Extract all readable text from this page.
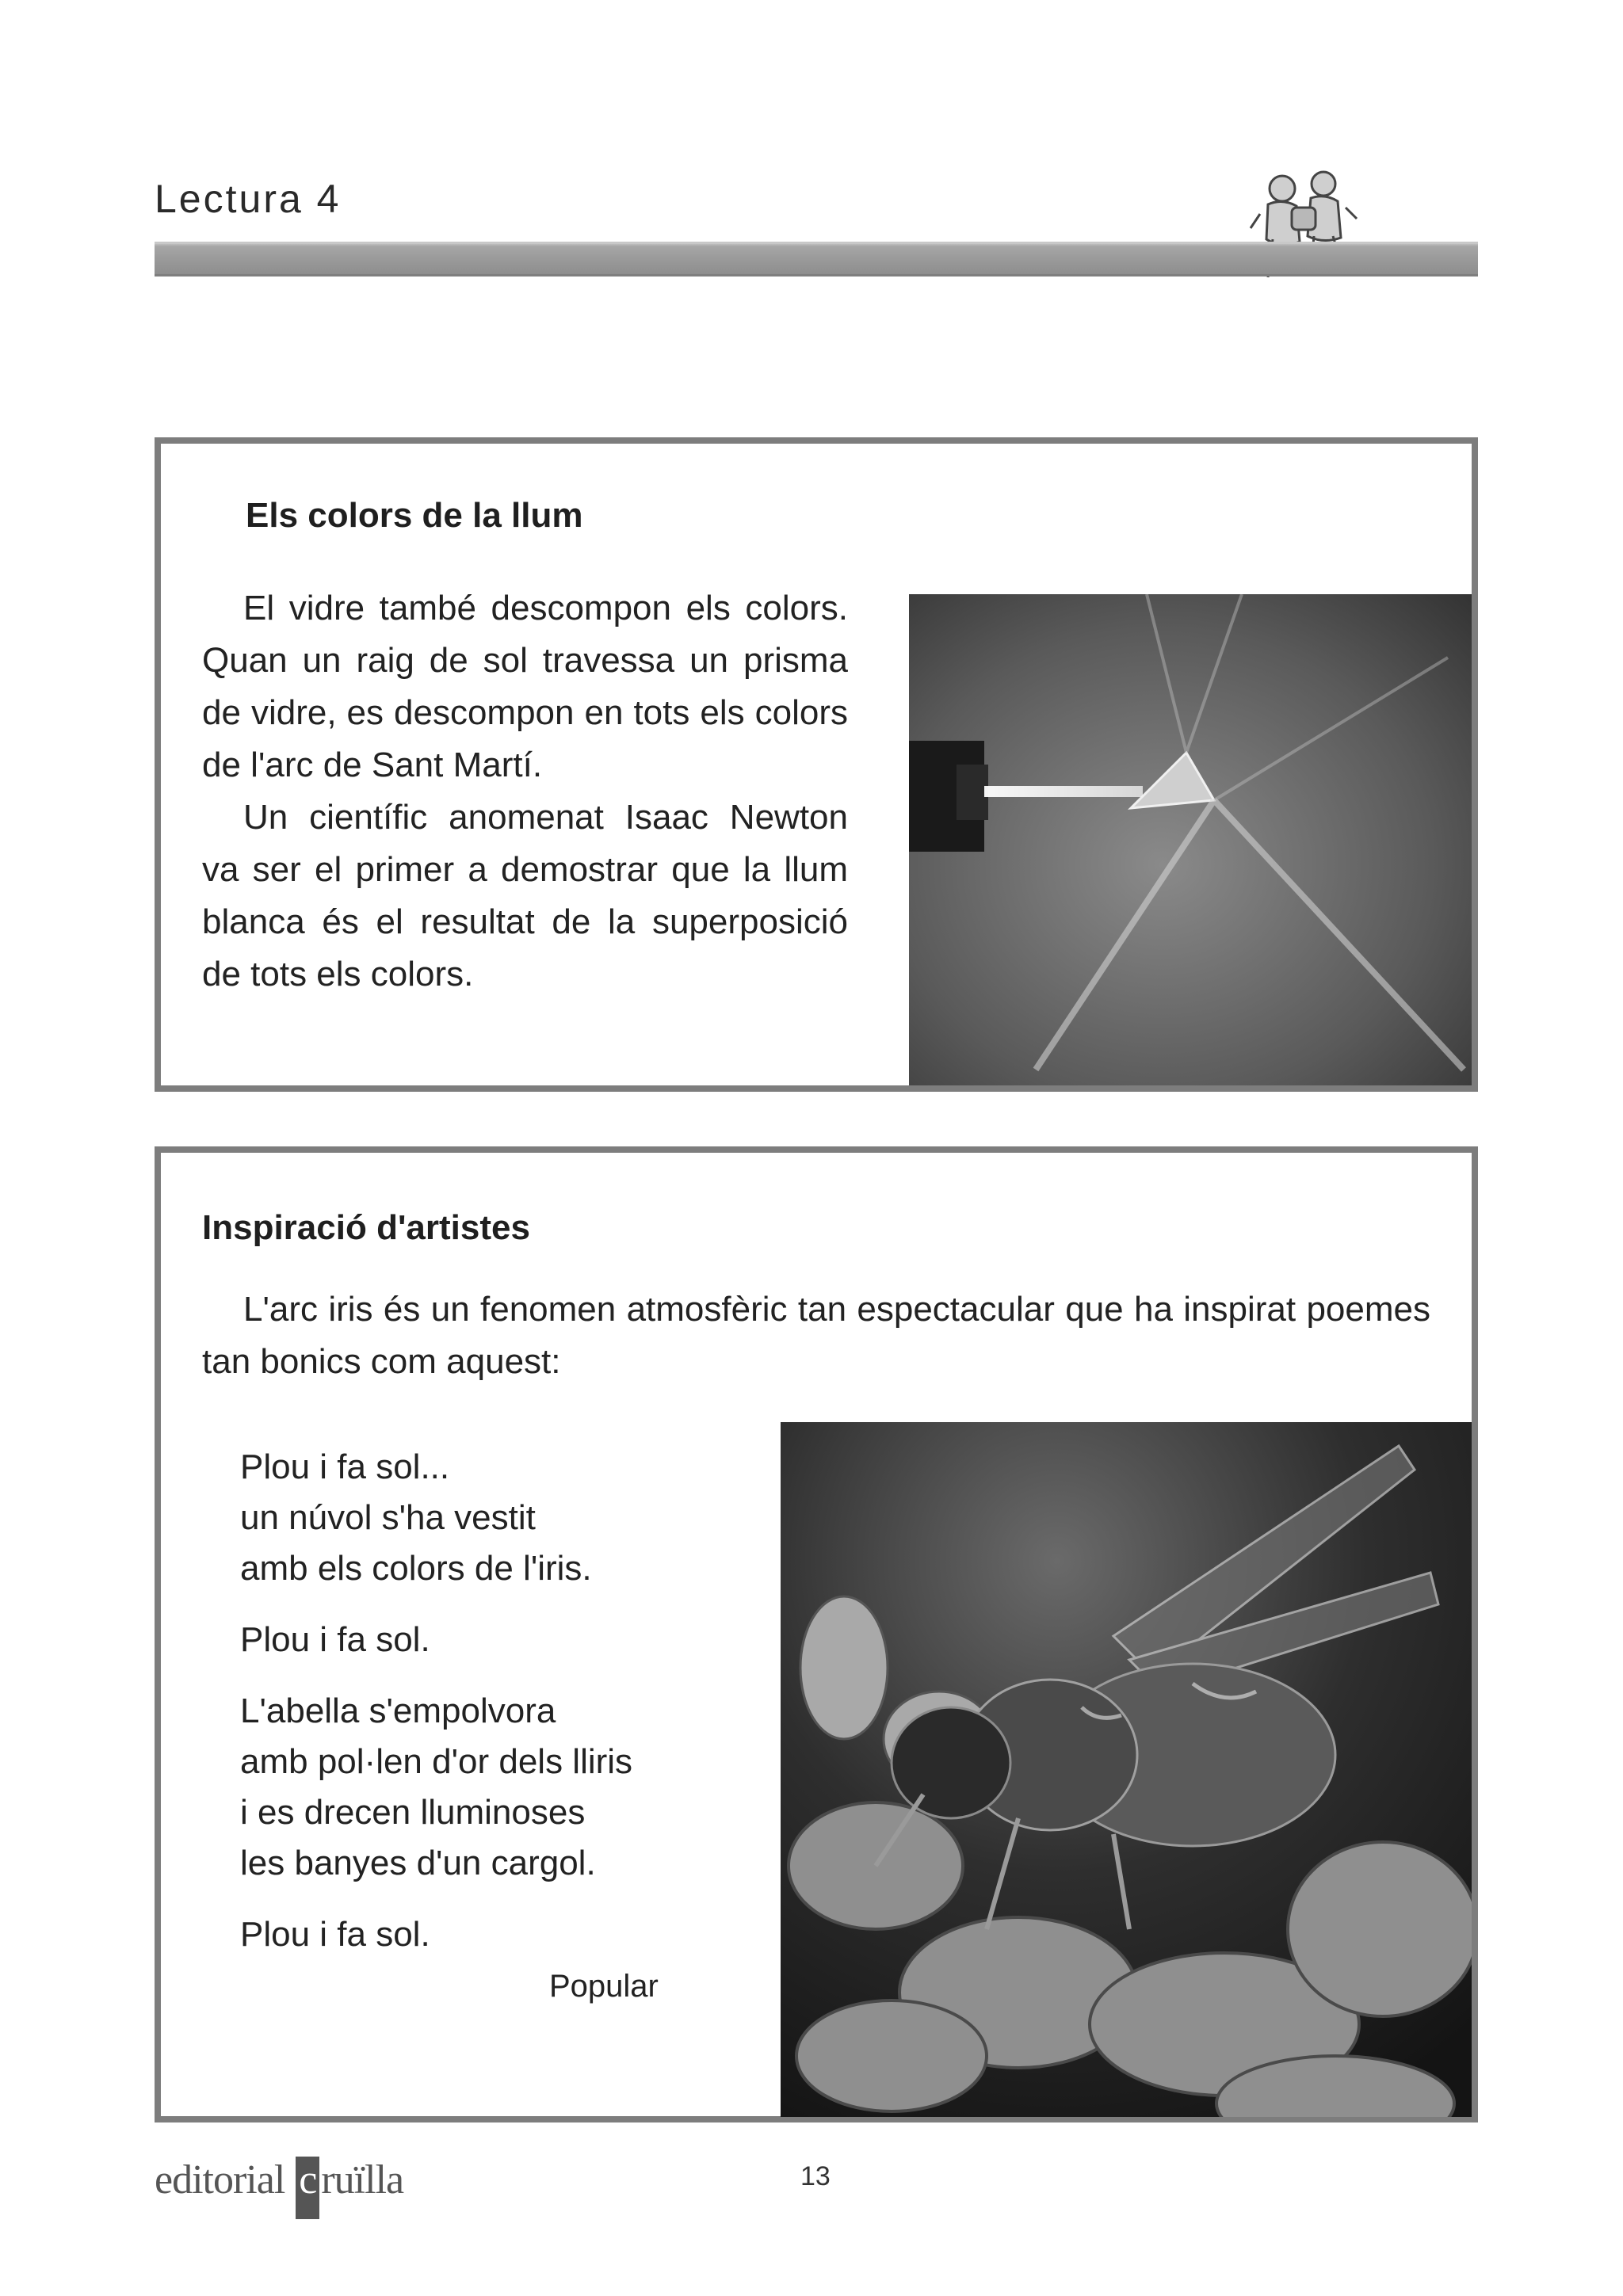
Lectura 4
Els colors de la llum

El vidre també descompon els colors. Quan un raig de sol travessa un prisma de vidre, es descompon en tots els colors de l'arc de Sant Martí.

Un científic anomenat Isaac Newton va ser el primer a demostrar que la llum blanca és el resultat de la superposició de tots els colors.

Inspiració d'artistes
L'arc iris és un fenomen atmosfèric tan espectacular que ha inspirat poemes tan bonics com aquest:
Plou i fa sol...
un núvol s'ha vestit
amb els colors de l'iris.
Plou i fa sol.
L'abella s'empolvora
amb pol·len d'or dels lliris
i es drecen lluminoses
les banyes d'un cargol.
Plou i fa sol.
Popular
editorial c ruïlla	13
